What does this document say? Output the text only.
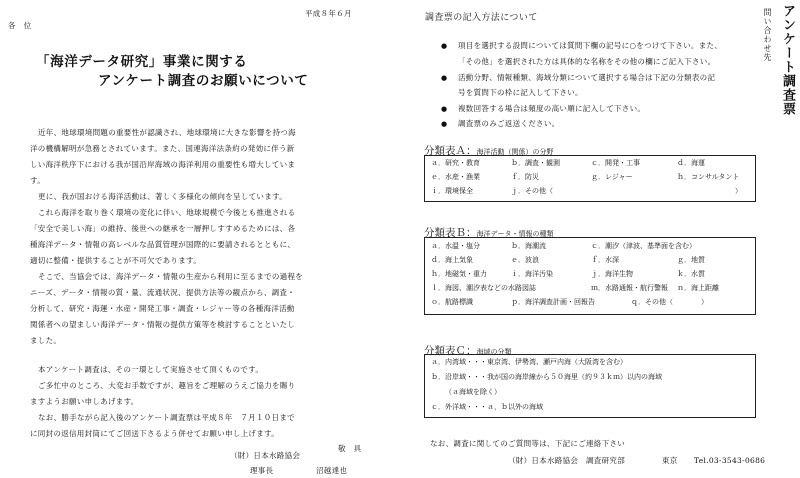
平成８年６月
各　位
「海洋データ研究」事業に関する
アンケート調査のお願いについて
近年、地球環境問題の重要性が認識され、地球環境に大きな影響を持つ海
洋の機構解明が急務とされています。また、国連海洋法条約の発効に伴う新
しい海洋秩序下における我が国沿岸海域の海洋利用の重要性も増大していま
す。
更に、我が国おける海洋活動は、著しく多様化の傾向を呈しています。
これら海洋を取り巻く環境の変化に伴い、地球規模で今後とも推進される
「安全で美しい海」の維持、後世への継承を一層押しすすめるためには、各
種海洋データ・情報の高レベルな品質管理が国際的に要請されるとともに、
適切に整備・提供することが不可欠であります。
そこで、当協会では、海洋データ・情報の生産から利用に至るまでの過程を
ニーズ、データ・情報の質・量、流通状況、提供方法等の観点から、調査・
分析して、研究・海運・水産・開発工事・調査・レジャー等の各種海洋活動
関係者への望ましい海洋データ・情報の提供方策等を検討することといたし
ました。
本アンケート調査は、その一環として実施させて頂くものです。
ご多忙中のところ、大変お手数ですが、趣旨をご理解のうえご協力を賜り
ますようお願い申しあげます。
なお、勝手ながら記入後のアンケート調査票は平成８年　７月１０日まで
に同封の返信用封筒にてご回送下さるよう併せてお願い申し上げます。
敬　具
（財）日本水路協会
理事長	沼越達也
アンケート調査票
問い合わせ先
調査票の記入方法について
● 項目を選択する設問については質問下欄の記号に○をつけて下さい。また、
「その他」を選択された方は具体的な名称をその他の欄にご記入下さい。
● 活動分野、情報種類、海域分類について選択する場合は下記の分類表の記
号を質問下の枠に記入して下さい。
● 複数回答する場合は頻度の高い順に記入して下さい。
● 調査票のみご返送ください。
分類表Ａ：海洋活動（関係）の分野
ａ．研究・教育	ｂ．調査・観測	ｃ．開発・工事	ｄ．海運
ｅ．水産・漁業	ｆ．防災	ｇ．レジャー	ｈ．コンサルタント
ｉ．環境保全	ｊ．その他（	）
分類表Ｂ：海洋データ・情報の種類
ａ．水温・塩分	ｂ．海潮流	ｃ．潮汐（津波、基準面を含む）
ｄ．海上気象	ｅ．波浪	ｆ．水深	ｇ．地質
ｈ．地磁気・重力	ｉ．海洋汚染	ｊ．海洋生物	ｋ．水質
ｌ．海図、潮汐表などの水路図誌	ｍ．水路通報・航行警報 ｎ．海上距離
ｏ．航路標識	ｐ．海洋調査計画・回報告	ｑ．その他（　　　　）
分類表Ｃ：海域の分類
ａ．内湾域・・・東京湾、伊勢湾、瀬戸内海（大阪湾を含む）
ｂ．沿岸域・・・我が国の海岸線から５０海里（約９３ｋｍ）以内の海域
（ａ海域を除く）
ｃ．外洋域・・・ａ，ｂ以外の海域
なお、調査に関してのご質問等は、下記にご連絡下さい
（財）日本水路協会　調査研究部	東京 Tel.03-3543-0686
